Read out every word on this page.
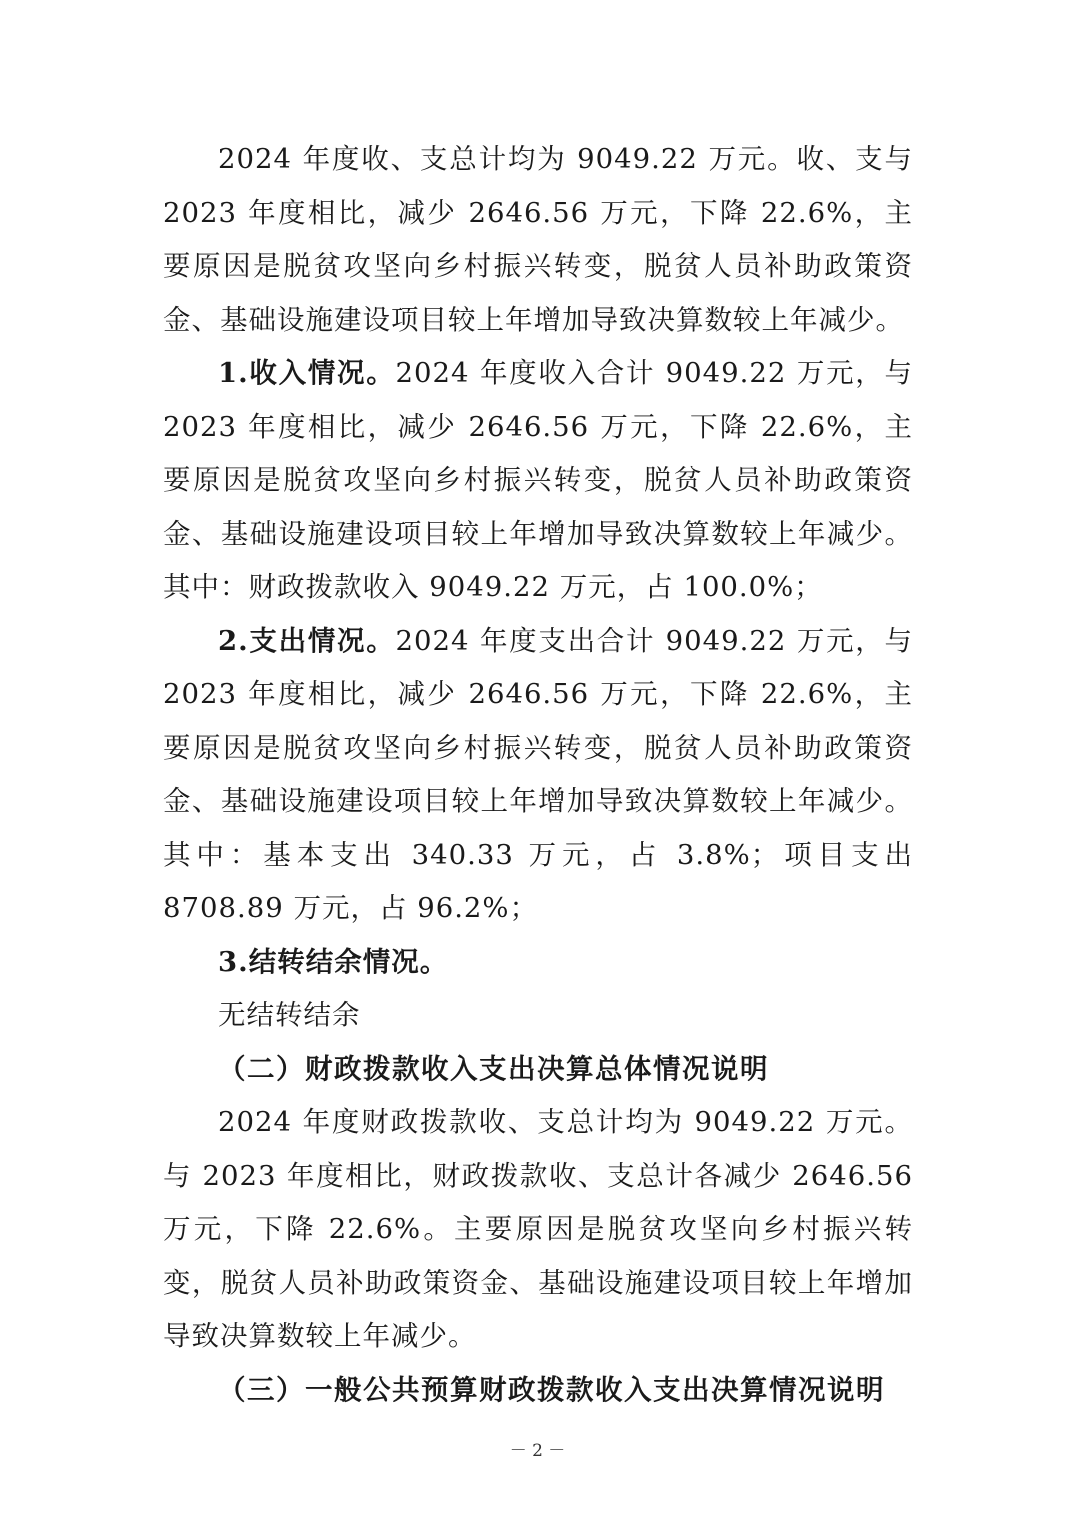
2024 年度收、支总计均为 9049.22 万元。收、支与 2023 年度相比，减少 2646.56 万元，下降 22.6%，主要原因是脱贫攻坚向乡村振兴转变，脱贫人员补助政策资金、基础设施建设项目较上年增加导致决算数较上年减少。

1.收入情况。2024 年度收入合计 9049.22 万元，与 2023 年度相比，减少 2646.56 万元，下降 22.6%，主要原因是脱贫攻坚向乡村振兴转变，脱贫人员补助政策资金、基础设施建设项目较上年增加导致决算数较上年减少。其中：财政拨款收入 9049.22 万元，占 100.0%；

2.支出情况。2024 年度支出合计 9049.22 万元，与 2023 年度相比，减少 2646.56 万元，下降 22.6%，主要原因是脱贫攻坚向乡村振兴转变，脱贫人员补助政策资金、基础设施建设项目较上年增加导致决算数较上年减少。其中：基本支出 340.33 万元，占 3.8%；项目支出 8708.89 万元，占 96.2%；

3.结转结余情况。

无结转结余

（二）财政拨款收入支出决算总体情况说明

2024 年度财政拨款收、支总计均为 9049.22 万元。与 2023 年度相比，财政拨款收、支总计各减少 2646.56 万元，下降 22.6%。主要原因是脱贫攻坚向乡村振兴转变，脱贫人员补助政策资金、基础设施建设项目较上年增加导致决算数较上年减少。

（三）一般公共预算财政拨款收入支出决算情况说明

－ 2 －
